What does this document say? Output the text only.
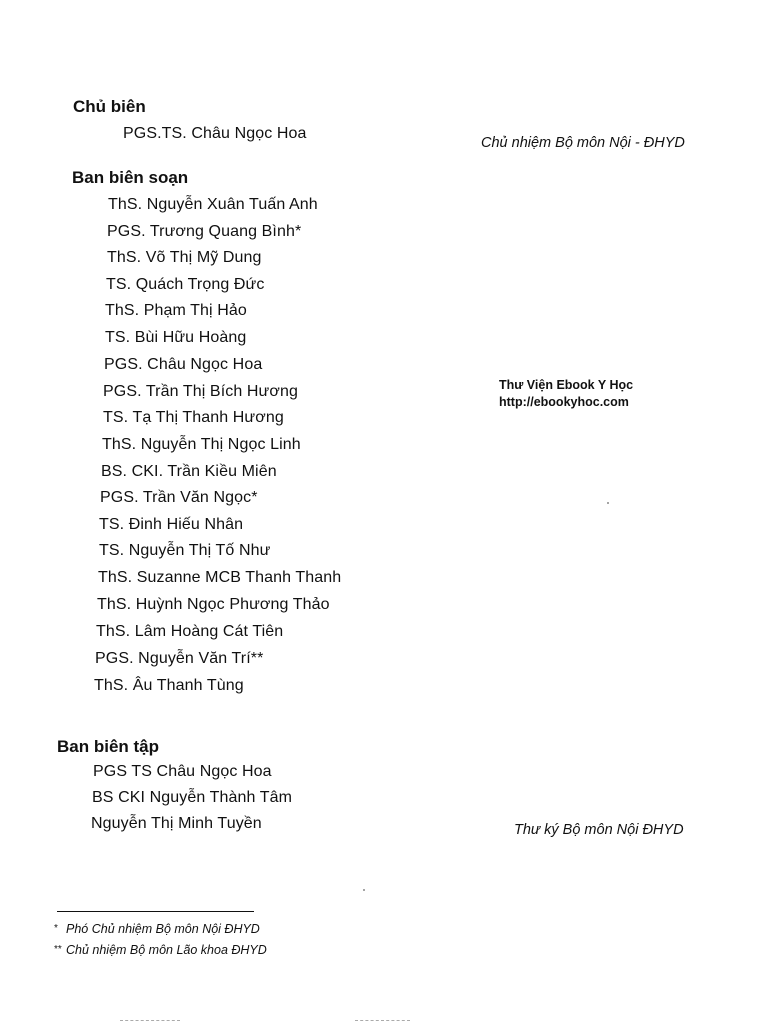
Chủ biên
PGS.TS. Châu Ngọc Hoa
Chủ nhiệm Bộ môn Nội - ĐHYD
Ban biên soạn
ThS. Nguyễn Xuân Tuấn Anh
PGS. Trương Quang Bình*
ThS. Võ Thị Mỹ Dung
TS. Quách Trọng Đức
ThS. Phạm Thị Hảo
TS. Bùi Hữu Hoàng
PGS. Châu Ngọc Hoa
PGS. Trần Thị Bích Hương
TS. Tạ Thị Thanh Hương
ThS. Nguyễn Thị Ngọc Linh
BS. CKI. Trần Kiều Miên
PGS. Trần Văn Ngọc*
TS. Đinh Hiếu Nhân
TS. Nguyễn Thị Tố Như
ThS. Suzanne MCB Thanh Thanh
ThS. Huỳnh Ngọc Phương Thảo
ThS. Lâm Hoàng Cát Tiên
PGS. Nguyễn Văn Trí**
ThS. Âu Thanh Tùng
Thư Viện Ebook Y Học
http://ebookyhoc.com
Ban biên tập
PGS TS Châu Ngọc Hoa
BS CKI Nguyễn Thành Tâm
Nguyễn Thị Minh Tuyền	Thư ký Bộ môn Nội ĐHYD
* Phó Chủ nhiệm Bộ môn Nội ĐHYD
** Chủ nhiệm Bộ môn Lão khoa ĐHYD
